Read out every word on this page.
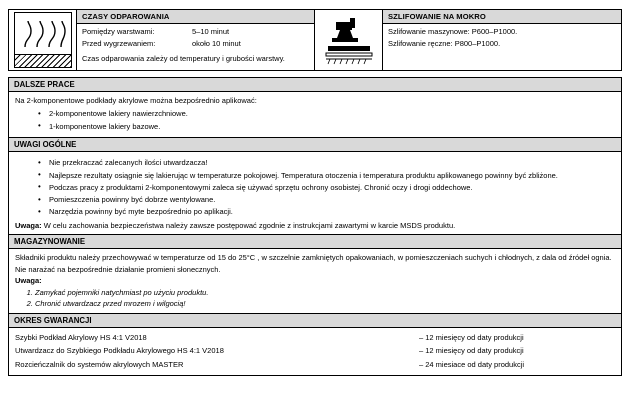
CZASY ODPAROWANIA
Pomiędzy warstwami:	5–10 minut
Przed wygrzewaniem:	około 10 minut
Czas odparowania zależy od temperatury i grubości warstwy.
SZLIFOWANIE NA MOKRO
Szlifowanie maszynowe: P600–P1000.
Szlifowanie ręczne: P800–P1000.
DALSZE PRACE
Na 2-komponentowe podkłady akrylowe można bezpośrednio aplikować:
• 2-komponentowe lakiery nawierzchniowe.
• 1-komponentowe lakiery bazowe.
UWAGI OGÓLNE
• Nie przekraczać zalecanych ilości utwardzacza!
• Najlepsze rezultaty osiągnie się lakierując w temperaturze pokojowej. Temperatura otoczenia i temperatura produktu aplikowanego powinny być zbliżone.
• Podczas pracy z produktami 2-komponentowymi zaleca się używać sprzętu ochrony osobistej. Chronić oczy i drogi oddechowe.
• Pomieszczenia powinny być dobrze wentylowane.
• Narzędzia powinny być myte bezpośrednio po aplikacji.
Uwaga: W celu zachowania bezpieczeństwa należy zawsze postępować zgodnie z instrukcjami zawartymi w karcie MSDS produktu.
MAGAZYNOWANIE
Składniki produktu należy przechowywać w temperaturze od 15 do 25°C , w szczelnie zamkniętych opakowaniach, w pomieszczeniach suchych i chłodnych, z dala od źródeł ognia. Nie narażać na bezpośrednie działanie promieni słonecznych.
Uwaga:
1. Zamykać pojemniki natychmiast po użyciu produktu.
2. Chronić utwardzacz przed mrozem i wilgocią!
OKRES GWARANCJI
Szybki Podkład Akrylowy HS 4:1 V2018	– 12 miesięcy od daty produkcji
Utwardzacz do Szybkiego Podkładu Akrylowego HS 4:1 V2018	– 12 miesięcy od daty produkcji
Rozcieńczalnik do systemów akrylowych MASTER	– 24 miesiace od daty produkcji
